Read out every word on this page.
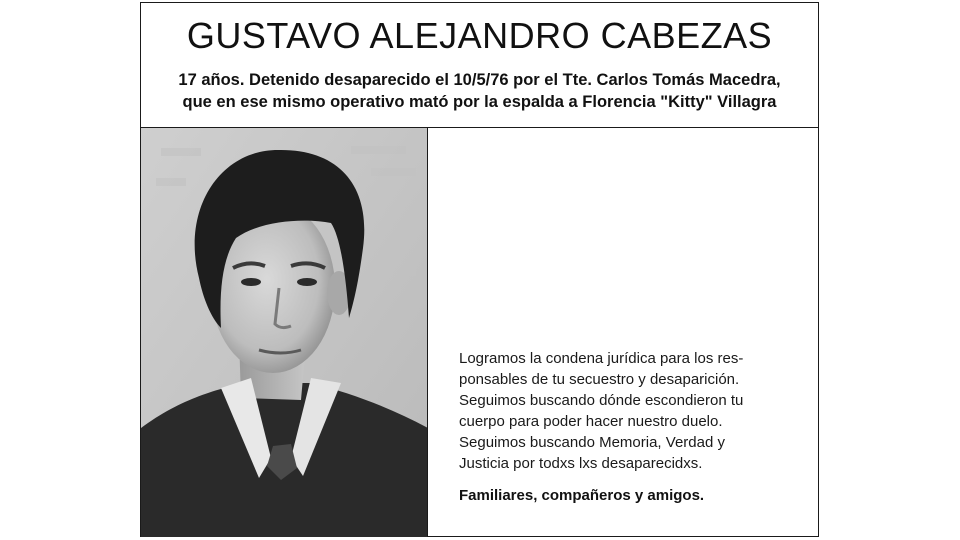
GUSTAVO ALEJANDRO CABEZAS
17 años. Detenido desaparecido el 10/5/76 por el Tte. Carlos Tomás Macedra,
que en ese mismo operativo mató por la espalda a Florencia "Kitty" Villagra
Logramos la condena jurídica para los res-
ponsables de tu secuestro y desaparición.
Seguimos buscando dónde escondieron tu
cuerpo para poder hacer nuestro duelo.
Seguimos buscando Memoria, Verdad y
Justicia por todxs lxs desaparecidxs.
Familiares, compañeros y amigos.
